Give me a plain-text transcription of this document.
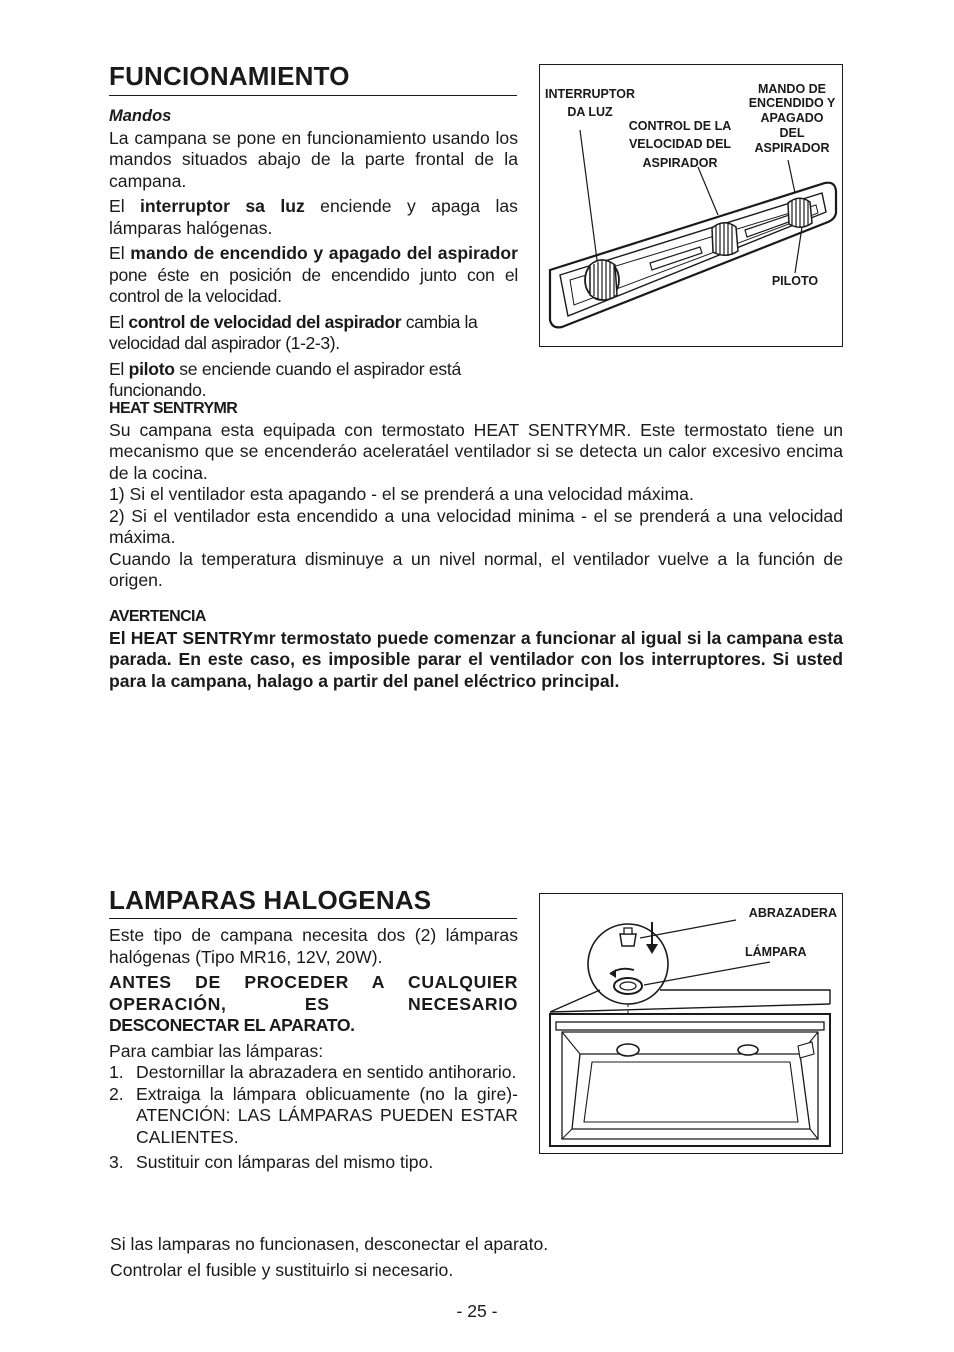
FUNCIONAMIENTO

Mandos

La campana se pone en funcionamiento usando los mandos situados abajo de la parte frontal de la campana.

El interruptor sa luz enciende y apaga las lámparas halógenas.

El mando de encendido y apagado del aspirador pone éste en posición de encendido junto con el control de la velocidad.

El control de velocidad del aspirador cambia la velocidad dal aspirador (1-2-3).

El piloto se enciende cuando el aspirador está funcionando.

INTERRUPTOR
DA LUZ
CONTROL DE LA
VELOCIDAD DEL
ASPIRADOR
MANDO DE
ENCENDIDO Y
APAGADO
DEL
ASPIRADOR
PILOTO

HEAT SENTRYMR

Su campana esta equipada con termostato HEAT SENTRYMR. Este termostato tiene un mecanismo que se encenderáo aceleratáel ventilador si se detecta un calor excesivo encima de la cocina.

1) Si el ventilador esta apagando - el se prenderá a una velocidad máxima.

2) Si el ventilador esta encendido a una velocidad minima - el se prenderá a una velocidad máxima.

Cuando la temperatura disminuye a un nivel normal, el ventilador vuelve a la función de origen.

AVERTENCIA

El HEAT SENTRYmr termostato puede comenzar a funcionar al igual si la campana esta parada. En este caso, es imposible parar el ventilador con los interruptores. Si usted para la campana, halago a partir del panel eléctrico principal.

LAMPARAS HALOGENAS

Este tipo de campana necesita dos (2) lámparas halógenas (Tipo MR16, 12V, 20W).

ANTES DE PROCEDER A CUALQUIER
OPERACIÓN, ES NECESARIO
DESCONECTAR EL APARATO.

Para cambiar las lámparas:

1. Destornillar la abrazadera en sentido antihorario.
2. Extraiga la lámpara oblicuamente (no la gire)- ATENCIÓN: LAS LÁMPARAS PUEDEN ESTAR CALIENTES.
3. Sustituir con lámparas del mismo tipo.
ABRAZADERA
LÁMPARA
Si las lamparas no funcionasen, desconectar el aparato.
Controlar el fusible y sustituirlo si necesario.
- 25 -
